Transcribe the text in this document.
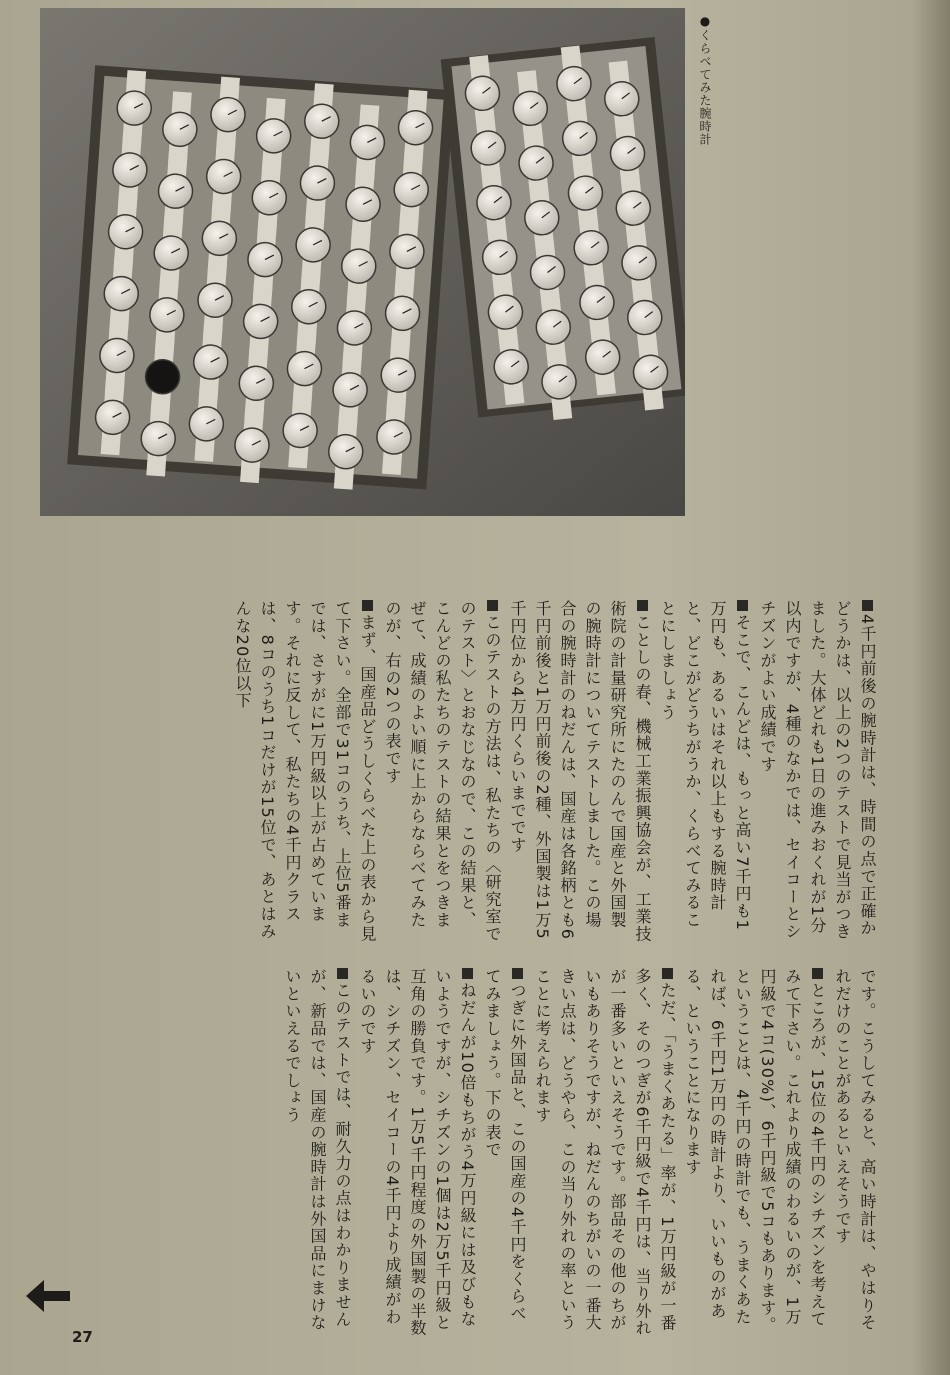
●くらべてみた腕時計

4千円前後の腕時計は、時間の点で正確かどうかは、以上の2つのテストで見当がつきました。大体どれも1日の進みおくれが1分以内ですが、4種のなかでは、セイコーとシチズンがよい成績です

そこで、こんどは、もっと高い7千円も1万円も、あるいはそれ以上もする腕時計と、どこがどうちがうか、くらべてみることにしましょう

ことしの春、機械工業振興協会が、工業技術院の計量研究所にたのんで国産と外国製の腕時計についてテストしました。この場合の腕時計のねだんは、国産は各銘柄とも6千円前後と1万円前後の2種、外国製は1万5千円位から4万円くらいまでです

このテストの方法は、私たちの〈研究室でのテスト〉とおなじなので、この結果と、こんどの私たちのテストの結果とをつきまぜて、成績のよい順に上からならべてみたのが、右の2つの表です

まず、国産品どうしくらべた上の表から見て下さい。全部で31コのうち、上位5番までは、さすがに1万円級以上が占めています。それに反して、私たちの4千円クラスは、8コのうち1コだけが15位で、あとはみんな20位以下

です。こうしてみると、高い時計は、やはりそれだけのことがあるといえそうです

ところが、15位の4千円のシチズンを考えてみて下さい。これより成績のわるいのが、1万円級で4コ(30%)、6千円級で5コもあります。ということは、4千円の時計でも、うまくあたれば、6千円1万円の時計より、いいものがある、ということになります

ただ、「うまくあたる」率が、1万円級が一番多く、そのつぎが6千円級で4千円は、当り外れが一番多いといえそうです。部品その他のちがいもありそうですが、ねだんのちがいの一番大きい点は、どうやら、この当り外れの率ということに考えられます

つぎに外国品と、この国産の4千円をくらべてみましょう。下の表で

ねだんが10倍もちがう4万円級には及びもないようですが、シチズンの1個は2万5千円級と互角の勝負です。1万5千円程度の外国製の半数は、シチズン、セイコーの4千円より成績がわるいのです

このテストでは、耐久力の点はわかりませんが、新品では、国産の腕時計は外国品にまけないといえるでしょう

27
